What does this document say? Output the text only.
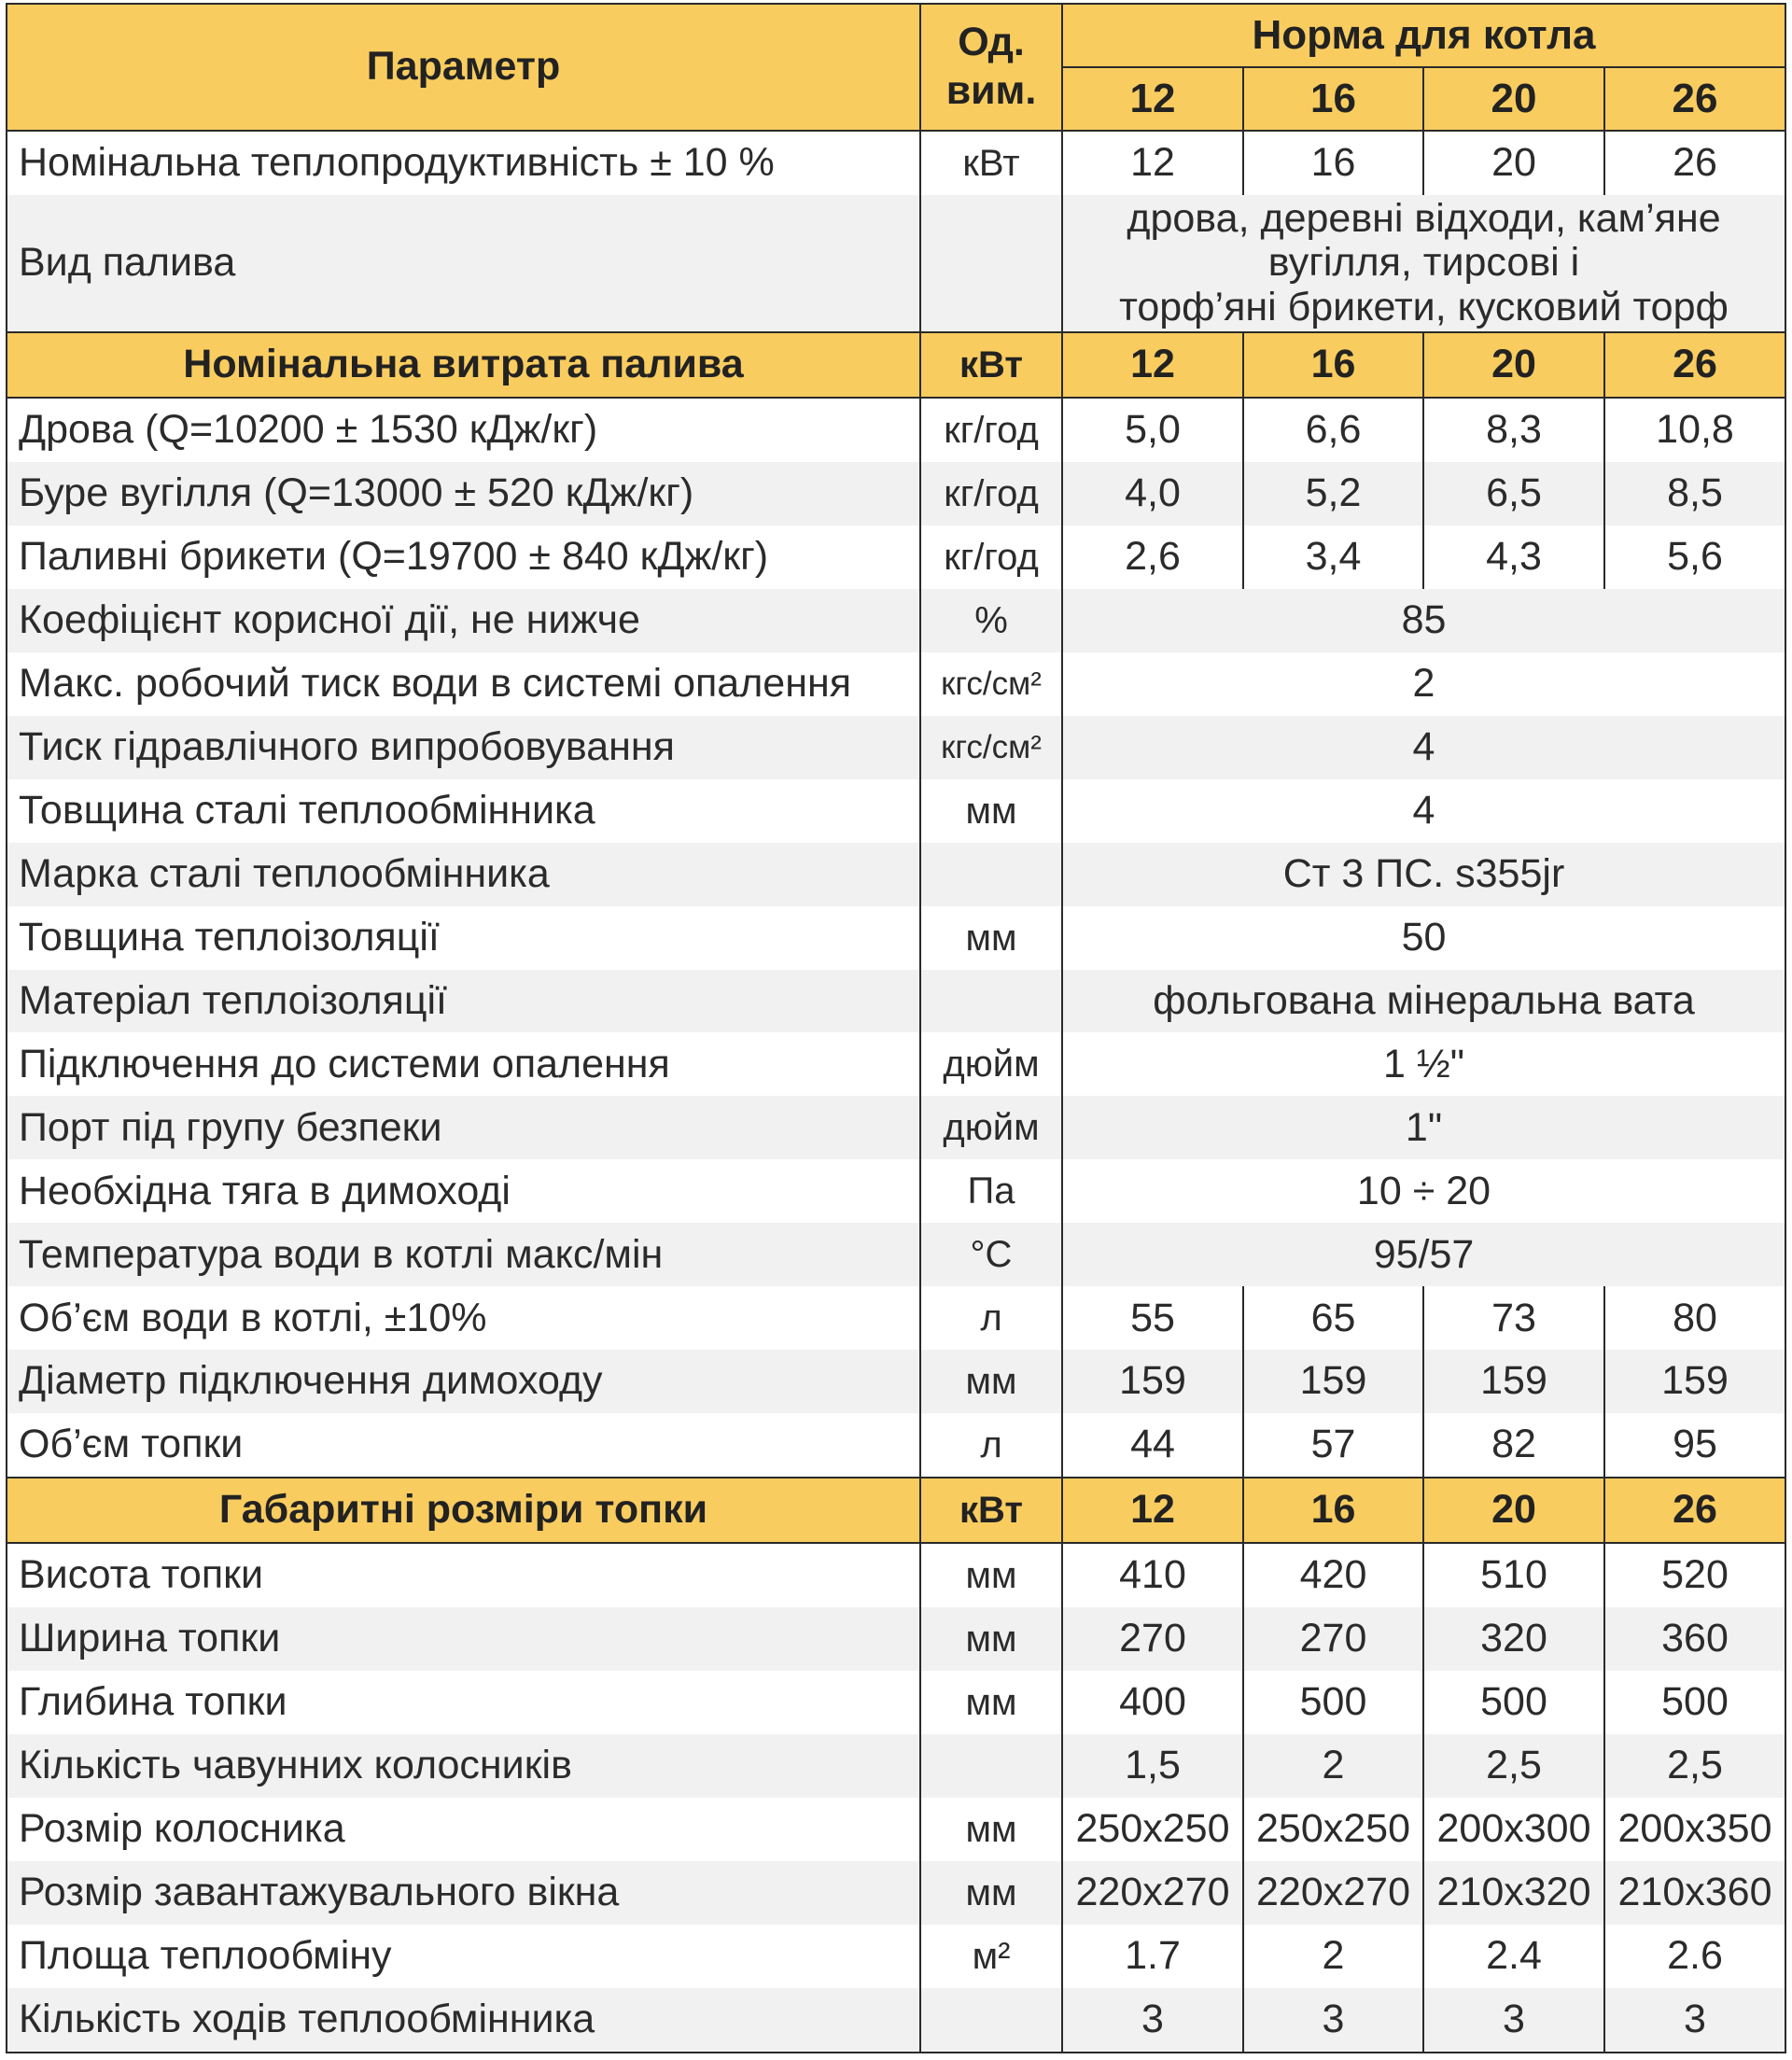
Параметр	Од. вим.	Норма для котла			
		12	16	20	26
Номінальна теплопродуктивність ± 10 %	кВт	12	16	20	26
Вид палива		дрова, деревні відходи, кам’яне
вугілля, тирсові і
торф’яні брикети, кусковий торф			

Номінальна витрата палива	кВт	12	16	20	26
Дрова (Q=10200 ± 1530 кДж/кг)	кг/год	5,0	6,6	8,3	10,8
Буре вугілля (Q=13000 ± 520 кДж/кг)	кг/год	4,0	5,2	6,5	8,5
Паливні брикети (Q=19700 ± 840 кДж/кг)	кг/год	2,6	3,4	4,3	5,6
Коефіцієнт корисної дії, не нижче	%	85			
Макс. робочий тиск води в системі опалення	кгс/см²	2			
Тиск гідравлічного випробовування	кгс/см²	4			
Товщина сталі теплообмінника	мм	4			
Марка сталі теплообмінника		Ст 3 ПС. s355jr			
Товщина теплоізоляції	мм	50			
Матеріал теплоізоляції		фольгована мінеральна вата			
Підключення до системи опалення	дюйм	1 ½"			
Порт під групу безпеки	дюйм	1"			
Необхідна тяга в димоході	Па	10 ÷ 20			
Температура води в котлі макс/мін	°С	95/57			
Об’єм води в котлі, ±10%	л	55	65	73	80
Діаметр підключення димоходу	мм	159	159	159	159
Об’єм топки	л	44	57	82	95
Габаритні розміри топки	кВт	12	16	20	26
Висота топки	мм	410	420	510	520
Ширина топки	мм	270	270	320	360
Глибина топки	мм	400	500	500	500
Кількість чавунних колосників		1,5	2	2,5	2,5
Розмір колосника	мм	250x250	250x250	200x300	200x350
Розмір завантажувального вікна	мм	220x270	220x270	210x320	210x360
Площа теплообміну	м²	1.7	2	2.4	2.6
Кількість ходів теплообмінника		3	3	3	3
